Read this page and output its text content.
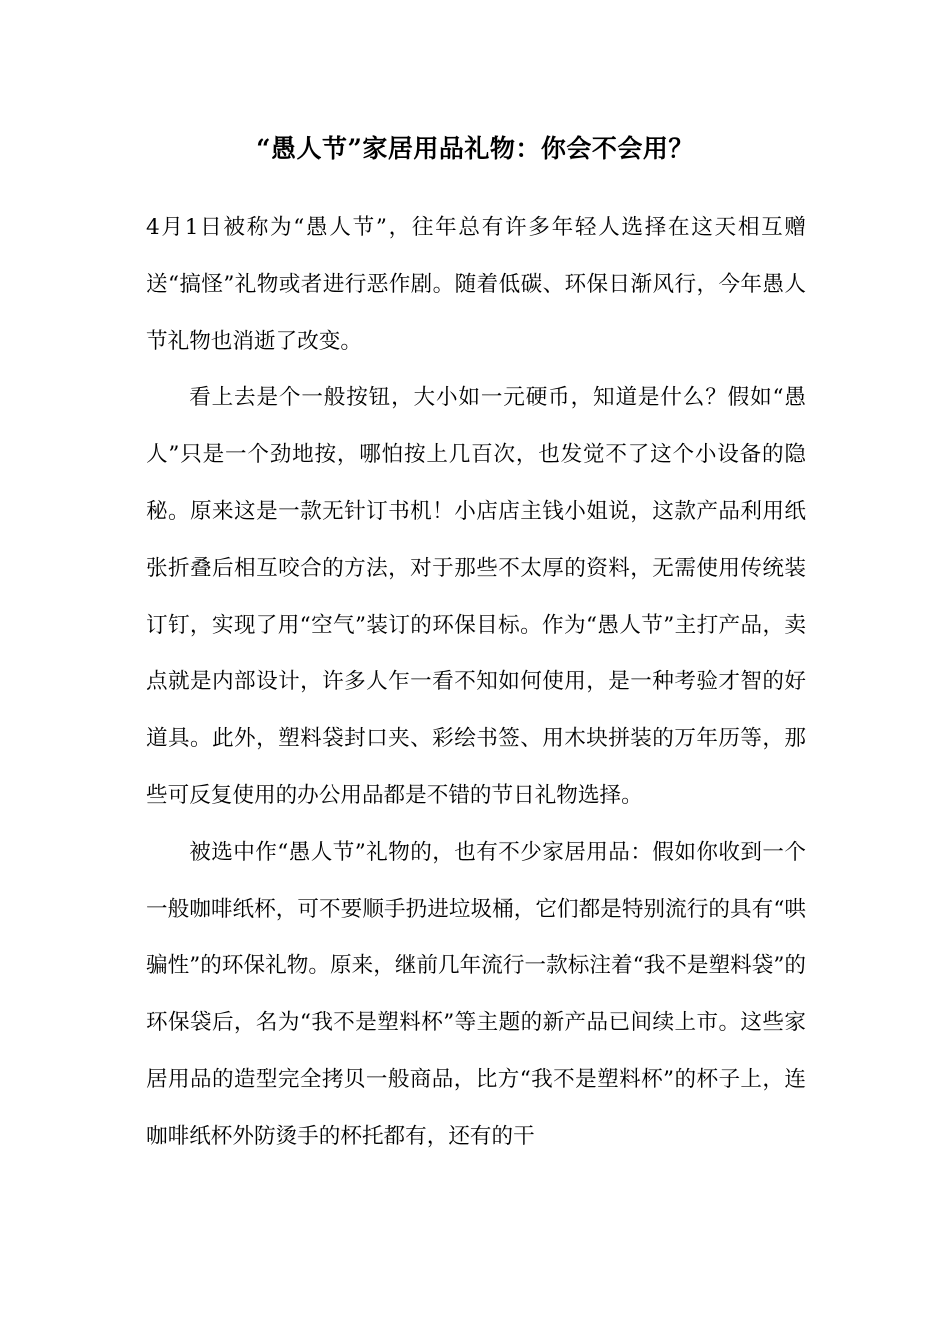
“愚人节”家居用品礼物：你会不会用？

4月1日被称为“愚人节”，往年总有许多年轻人选择在这天相互赠送“搞怪”礼物或者进行恶作剧。随着低碳、环保日渐风行，今年愚人节礼物也消逝了改变。

看上去是个一般按钮，大小如一元硬币，知道是什么？假如“愚人”只是一个劲地按，哪怕按上几百次，也发觉不了这个小设备的隐秘。原来这是一款无针订书机！小店店主钱小姐说，这款产品利用纸张折叠后相互咬合的方法，对于那些不太厚的资料，无需使用传统装订钉，实现了用“空气”装订的环保目标。作为“愚人节”主打产品，卖点就是内部设计，许多人乍一看不知如何使用，是一种考验才智的好道具。此外，塑料袋封口夹、彩绘书签、用木块拼装的万年历等，那些可反复使用的办公用品都是不错的节日礼物选择。

被选中作“愚人节”礼物的，也有不少家居用品：假如你收到一个一般咖啡纸杯，可不要顺手扔进垃圾桶，它们都是特别流行的具有“哄骗性”的环保礼物。原来，继前几年流行一款标注着“我不是塑料袋”的环保袋后，名为“我不是塑料杯”等主题的新产品已间续上市。这些家居用品的造型完全拷贝一般商品，比方“我不是塑料杯”的杯子上，连咖啡纸杯外防烫手的杯托都有，还有的干
